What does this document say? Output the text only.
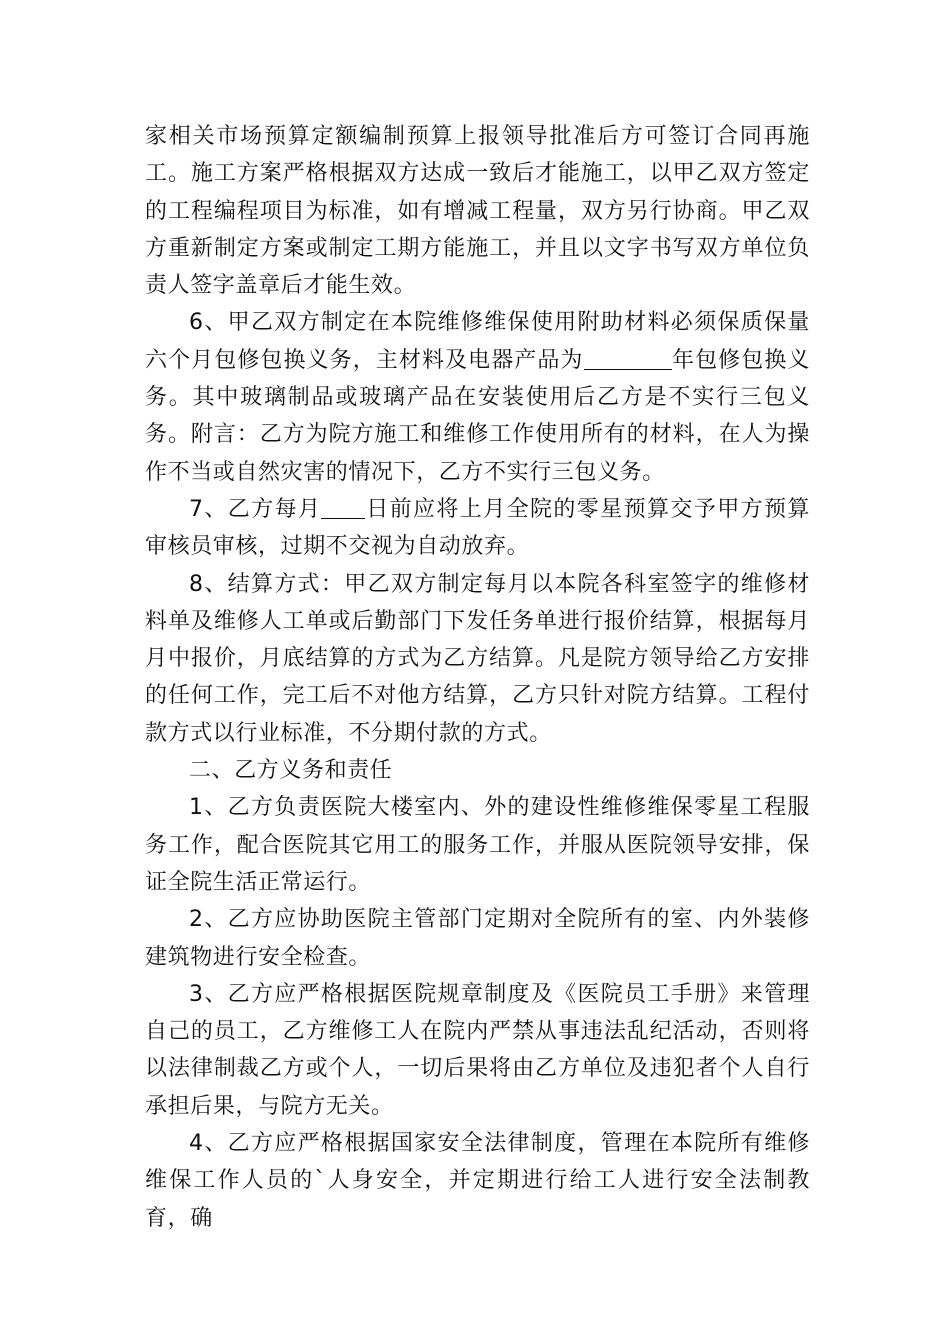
家相关市场预算定额编制预算上报领导批准后方可签订合同再施工。施工方案严格根据双方达成一致后才能施工，以甲乙双方签定的工程编程项目为标准，如有增减工程量，双方另行协商。甲乙双方重新制定方案或制定工期方能施工，并且以文字书写双方单位负责人签字盖章后才能生效。

6、甲乙双方制定在本院维修维保使用附助材料必须保质保量六个月包修包换义务，主材料及电器产品为	年包修包换义务。其中玻璃制品或玻璃产品在安装使用后乙方是不实行三包义务。附言：乙方为院方施工和维修工作使用所有的材料，在人为操作不当或自然灾害的情况下，乙方不实行三包义务。

7、乙方每月 日前应将上月全院的零星预算交予甲方预算审核员审核，过期不交视为自动放弃。

8、结算方式：甲乙双方制定每月以本院各科室签字的维修材料单及维修人工单或后勤部门下发任务单进行报价结算，根据每月月中报价，月底结算的方式为乙方结算。凡是院方领导给乙方安排的任何工作，完工后不对他方结算，乙方只针对院方结算。工程付款方式以行业标准，不分期付款的方式。

二、乙方义务和责任

1、乙方负责医院大楼室内、外的建设性维修维保零星工程服务工作，配合医院其它用工的服务工作，并服从医院领导安排，保证全院生活正常运行。

2、乙方应协助医院主管部门定期对全院所有的室、内外装修建筑物进行安全检查。

3、乙方应严格根据医院规章制度及《医院员工手册》来管理自己的员工，乙方维修工人在院内严禁从事违法乱纪活动，否则将以法律制裁乙方或个人，一切后果将由乙方单位及违犯者个人自行承担后果，与院方无关。

4、乙方应严格根据国家安全法律制度，管理在本院所有维修维保工作人员的`人身安全，并定期进行给工人进行安全法制教育，确
